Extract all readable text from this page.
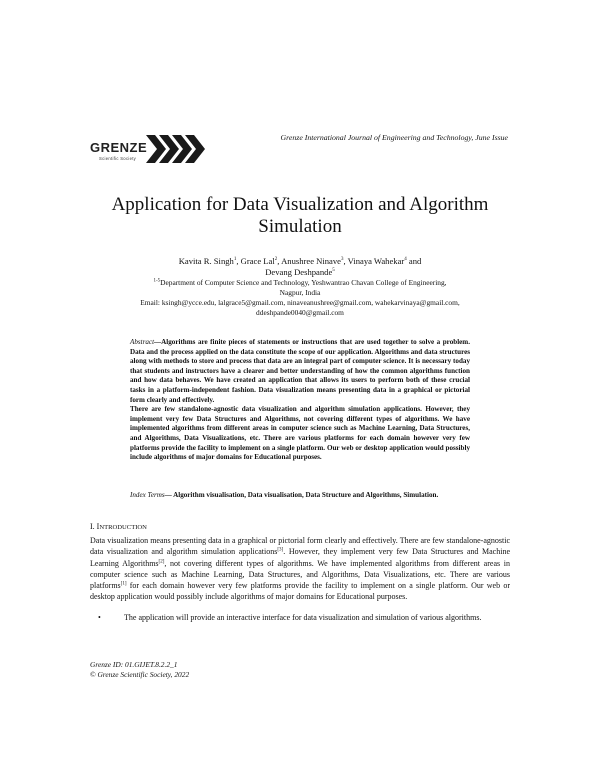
Grenze International Journal of Engineering and Technology, June Issue
GRENZE
Scientific Society
Application for Data Visualization and Algorithm
Simulation
Kavita R. Singh$^1$, Grace Lal$^2$, Anushree Ninave$^3$, Vinaya Wahekar$^4$ and
Devang Deshpande$^5$
$^{1-5}$Department of Computer Science and Technology, Yeshwantrao Chavan College of Engineering,
Nagpur, India
Email: ksingh@ycce.edu, lalgrace5@gmail.com, ninaveanushree@gmail.com, wahekarvinaya@gmail.com,
ddeshpande0040@gmail.com

Abstract—Algorithms are finite pieces of statements or instructions that are used together to solve a problem. Data and the process applied on the data constitute the scope of our application. Algorithms and data structures along with methods to store and process that data are an integral part of computer science. It is necessary today that students and instructors have a clearer and better understanding of how the common algorithms function and how data behaves. We have created an application that allows its users to perform both of these crucial tasks in a platform-independent fashion. Data visualization means presenting data in a graphical or pictorial form clearly and effectively.

There are few standalone-agnostic data visualization and algorithm simulation applications. However, they implement very few Data Structures and Algorithms, not covering different types of algorithms. We have implemented algorithms from different areas in computer science such as Machine Learning, Data Structures, and Algorithms, Data Visualizations, etc. There are various platforms for each domain however very few platforms provide the facility to implement on a single platform. Our web or desktop application would possibly include algorithms of major domains for Educational purposes.

Index Terms— Algorithm visualisation, Data visualisation, Data Structure and Algorithms, Simulation.
I. INTRODUCTION

Data visualization means presenting data in a graphical or pictorial form clearly and effectively. There are few standalone-agnostic data visualization and algorithm simulation applications[3]. However, they implement very few Data Structures and Machine Learning Algorithms[2], not covering different types of algorithms. We have implemented algorithms from different areas in computer science such as Machine Learning, Data Structures, and Algorithms, Data Visualizations, etc. There are various platforms[1] for each domain however very few platforms provide the facility to implement on a single platform. Our web or desktop application would possibly include algorithms of major domains for Educational purposes.

•	The application will provide an interactive interface for data visualization and simulation of various algorithms.
Grenze ID: 01.GIJET.8.2.2_1
© Grenze Scientific Society, 2022
